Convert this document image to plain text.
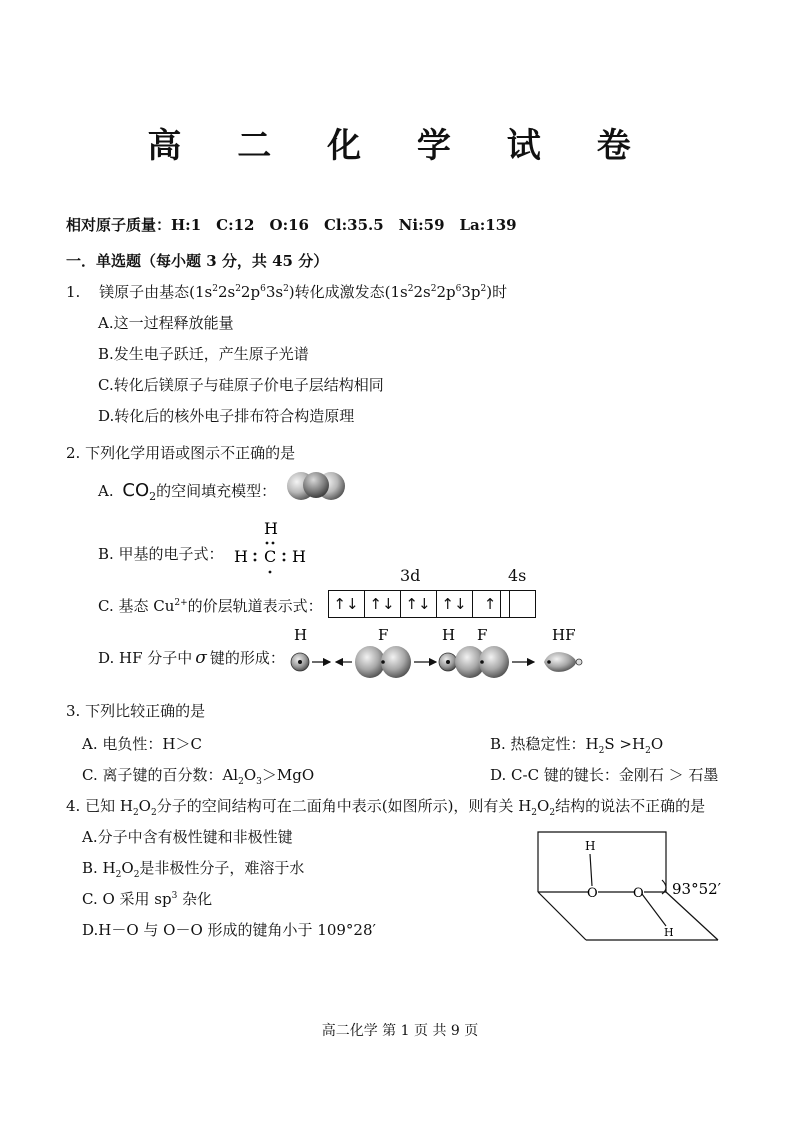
高 二 化 学 试 卷
相对原子质量：H:1　C:12　O:16　Cl:35.5　Ni:59　La:139
一．单选题（每小题 3 分，共 45 分）
1. 镁原子由基态$(1s^22s^22p^63s^2)$转化成激发态$(1s^22s^22p^63p^2)$时
A.这一过程释放能量
B.发生电子跃迁，产生原子光谱
C.转化后镁原子与硅原子价电子层结构相同
D.转化后的核外电子排布符合构造原理
2. 下列化学用语或图示不正确的是
A. $CO_2$的空间填充模型：
B. 甲基的电子式：
H
H C H
C. 基态 $Cu^{2+}$的价层轨道表示式：
3d	4s
↑↓ ↑↓ ↑↓ ↑↓	↑
D. HF 分子中 σ 键的形成：
H	F	H F	HF
3. 下列比较正确的是
A. 电负性：H＞C	B. 热稳定性：$H_2S >H_2O$
C. 离子键的百分数：$Al_2O_3>MgO$	D. C-C 键的键长：金刚石 ＞ 石墨
4. 已知 $H_2O_2$分子的空间结构可在二面角中表示(如图所示)，则有关 $H_2O_2$结构的说法不正确的是
A.分子中含有极性键和非极性键
B. $H_2O_2$是非极性分子，难溶于水
C. O 采用 $sp^3$ 杂化
D.H－O 与 O－O 形成的键角小于 109°28′
H
O	O 93°52′
H
高二化学 第 1 页 共 9 页
